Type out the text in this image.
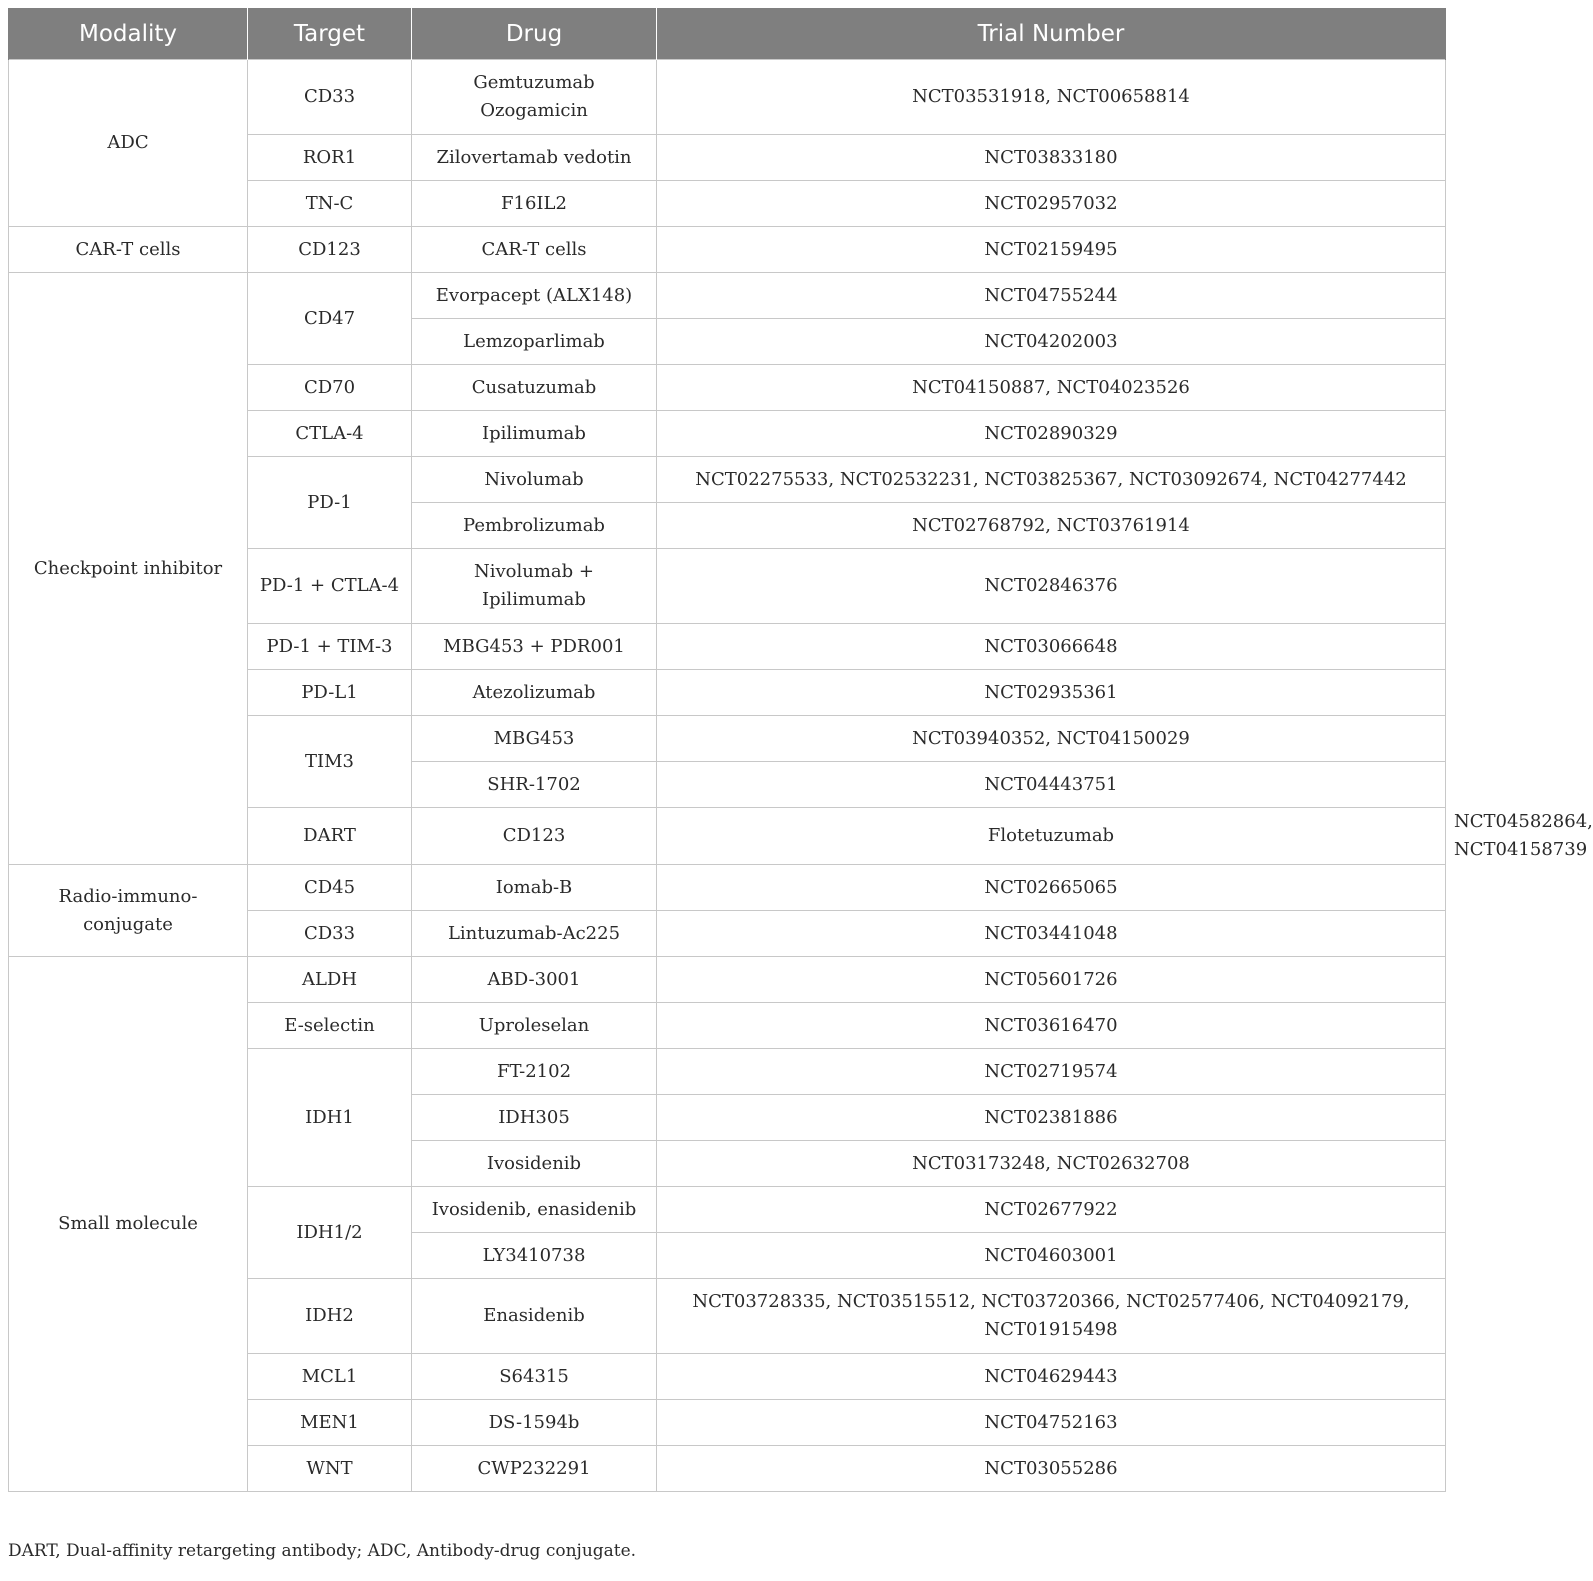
Modality	Target	Drug	Trial Number	
ADC	CD33	Gemtuzumab Ozogamicin	NCT03531918, NCT00658814	
	ROR1	Zilovertamab vedotin	NCT03833180	
	TN-C	F16IL2	NCT02957032	
CAR-T cells	CD123	CAR-T cells	NCT02159495	
Checkpoint inhibitor	CD47	Evorpacept (ALX148)	NCT04755244	
		Lemzoparlimab	NCT04202003	
	CD70	Cusatuzumab	NCT04150887, NCT04023526	
	CTLA-4	Ipilimumab	NCT02890329	
	PD-1	Nivolumab	NCT02275533, NCT02532231, NCT03825367, NCT03092674, NCT04277442	
		Pembrolizumab	NCT02768792, NCT03761914	
	PD-1 + CTLA-4	Nivolumab + Ipilimumab	NCT02846376	
	PD-1 + TIM-3	MBG453 + PDR001	NCT03066648	
	PD-L1	Atezolizumab	NCT02935361	
	TIM3	MBG453	NCT03940352, NCT04150029	
		SHR-1702	NCT04443751	
	DART	CD123	Flotetuzumab	NCT04582864, NCT04158739
Radio-immuno-conjugate	CD45	Iomab-B	NCT02665065	
	CD33	Lintuzumab-Ac225	NCT03441048	
Small molecule	ALDH	ABD-3001	NCT05601726	
	E-selectin	Uproleselan	NCT03616470	
	IDH1	FT-2102	NCT02719574	
		IDH305	NCT02381886	
		Ivosidenib	NCT03173248, NCT02632708	
	IDH1/2	Ivosidenib, enasidenib	NCT02677922	
		LY3410738	NCT04603001	
	IDH2	Enasidenib	NCT03728335, NCT03515512, NCT03720366, NCT02577406, NCT04092179, NCT01915498	
	MCL1	S64315	NCT04629443	
	MEN1	DS-1594b	NCT04752163	
	WNT	CWP232291	NCT03055286	
DART, Dual-affinity retargeting antibody; ADC, Antibody-drug conjugate.
